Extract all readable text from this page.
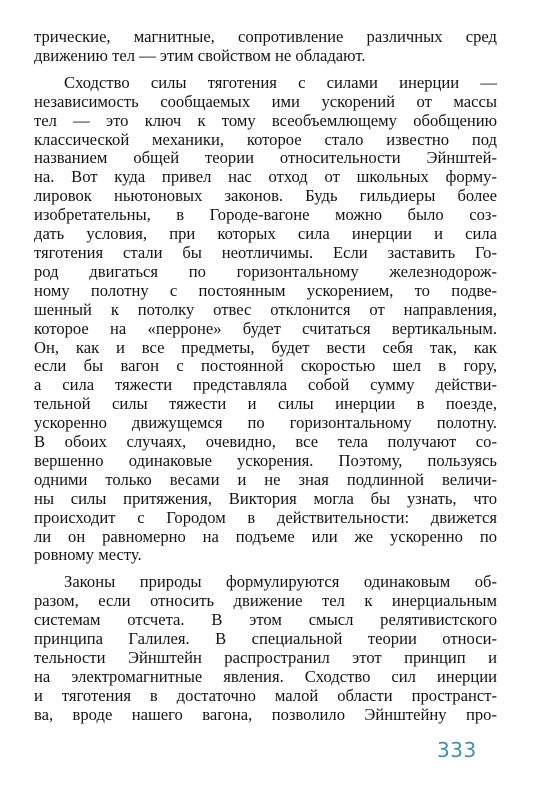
трические, магнитные, сопротивление различных сред
движению тел — этим свойством не обладают.
Сходство силы тяготения с силами инерции —
независимость сообщаемых ими ускорений от массы
тел — это ключ к тому всеобъемлющему обобщению
классической механики, которое стало известно под
названием общей теории относительности Эйнштей-
на. Вот куда привел нас отход от школьных форму-
лировок ньютоновых законов. Будь гильдиеры более
изобретательны, в Городе-вагоне можно было соз-
дать условия, при которых сила инерции и сила
тяготения стали бы неотличимы. Если заставить Го-
род двигаться по горизонтальному железнодорож-
ному полотну с постоянным ускорением, то подве-
шенный к потолку отвес отклонится от направления,
которое на «перроне» будет считаться вертикальным.
Он, как и все предметы, будет вести себя так, как
если бы вагон с постоянной скоростью шел в гору,
а сила тяжести представляла собой сумму действи-
тельной силы тяжести и силы инерции в поезде,
ускоренно движущемся по горизонтальному полотну.
В обоих случаях, очевидно, все тела получают со-
вершенно одинаковые ускорения. Поэтому, пользуясь
одними только весами и не зная подлинной величи-
ны силы притяжения, Виктория могла бы узнать, что
происходит с Городом в действительности: движется
ли он равномерно на подъеме или же ускоренно по
ровному месту.
Законы природы формулируются одинаковым об-
разом, если относить движение тел к инерциальным
системам отсчета. В этом смысл релятивистского
принципа Галилея. В специальной теории относи-
тельности Эйнштейн распространил этот принцип и
на электромагнитные явления. Сходство сил инерции
и тяготения в достаточно малой области пространст-
ва, вроде нашего вагона, позволило Эйнштейну про-
333
